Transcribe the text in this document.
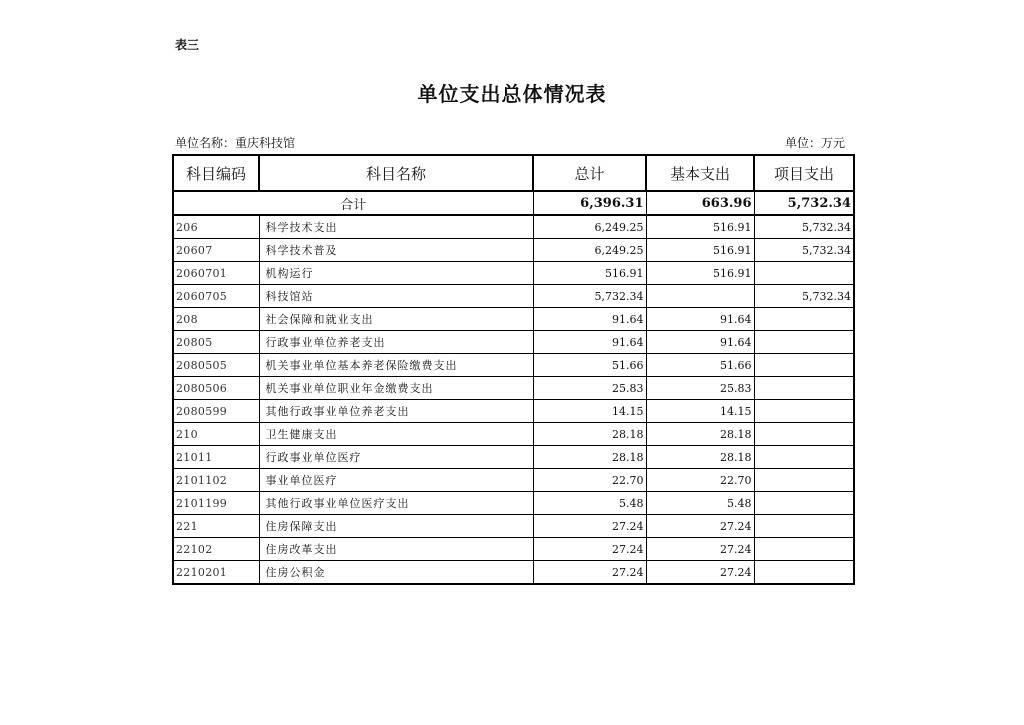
表三
单位支出总体情况表
单位名称：重庆科技馆	单位：万元
科目编码	科目名称	总计	基本支出	项目支出
合计		6,396.31	663.96	5,732.34
206	科学技术支出	6,249.25	516.91	5,732.34
20607	科学技术普及	6,249.25	516.91	5,732.34
2060701	机构运行	516.91	516.91	
2060705	科技馆站	5,732.34		5,732.34
208	社会保障和就业支出	91.64	91.64	
20805	行政事业单位养老支出	91.64	91.64	
2080505	机关事业单位基本养老保险缴费支出	51.66	51.66	
2080506	机关事业单位职业年金缴费支出	25.83	25.83	
2080599	其他行政事业单位养老支出	14.15	14.15	
210	卫生健康支出	28.18	28.18	
21011	行政事业单位医疗	28.18	28.18	
2101102	事业单位医疗	22.70	22.70	
2101199	其他行政事业单位医疗支出	5.48	5.48	
221	住房保障支出	27.24	27.24	
22102	住房改革支出	27.24	27.24	
2210201	住房公积金	27.24	27.24	
